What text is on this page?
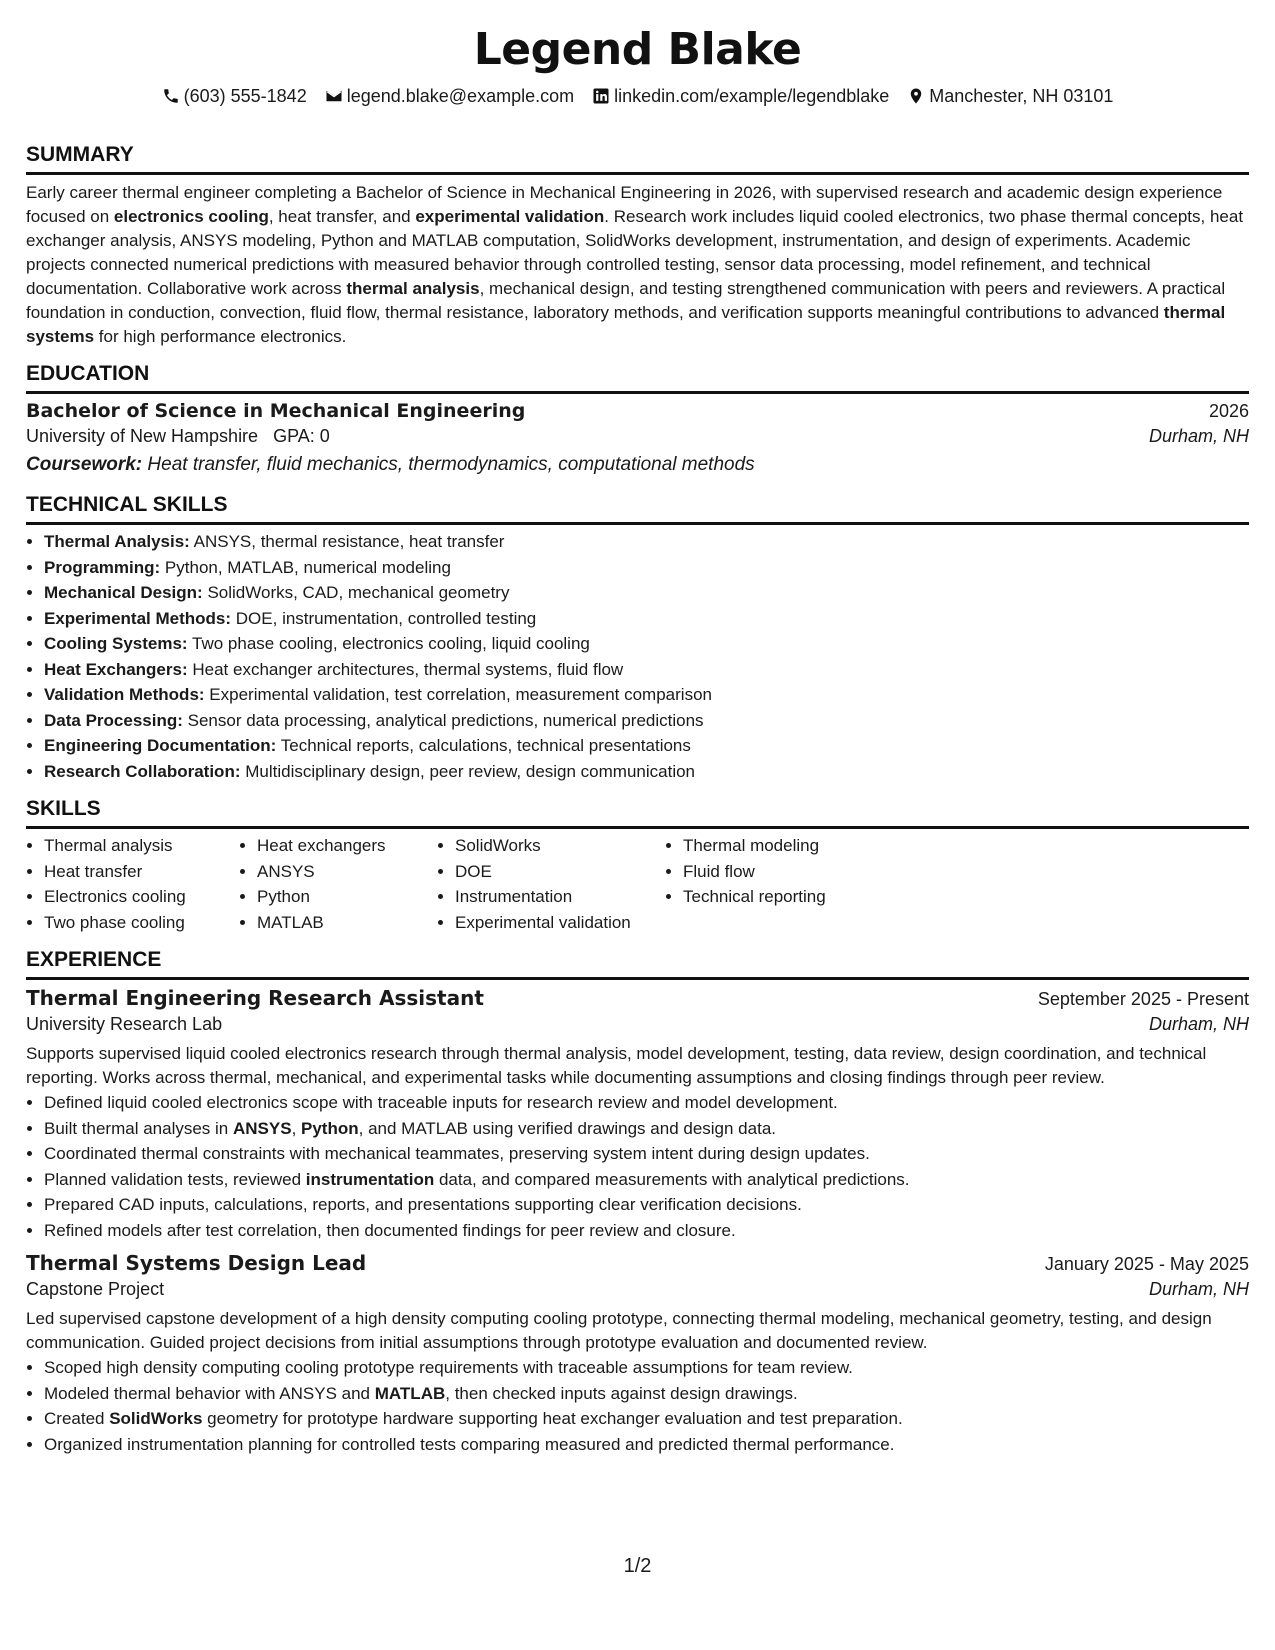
Legend Blake
(603) 555-1842 legend.blake@example.com linkedin.com/example/legendblake Manchester, NH 03101
SUMMARY

Early career thermal engineer completing a Bachelor of Science in Mechanical Engineering in 2026, with supervised research and academic design experience focused on electronics cooling, heat transfer, and experimental validation. Research work includes liquid cooled electronics, two phase thermal concepts, heat exchanger analysis, ANSYS modeling, Python and MATLAB computation, SolidWorks development, instrumentation, and design of experiments. Academic projects connected numerical predictions with measured behavior through controlled testing, sensor data processing, model refinement, and technical documentation. Collaborative work across thermal analysis, mechanical design, and testing strengthened communication with peers and reviewers. A practical foundation in conduction, convection, fluid flow, thermal resistance, laboratory methods, and verification supports meaningful contributions to advanced thermal systems for high performance electronics.

EDUCATION
Bachelor of Science in Mechanical Engineering	2026
University of New Hampshire GPA: 0	Durham, NH
Coursework: Heat transfer, fluid mechanics, thermodynamics, computational methods
TECHNICAL SKILLS
• Thermal Analysis: ANSYS, thermal resistance, heat transfer
• Programming: Python, MATLAB, numerical modeling
• Mechanical Design: SolidWorks, CAD, mechanical geometry
• Experimental Methods: DOE, instrumentation, controlled testing
• Cooling Systems: Two phase cooling, electronics cooling, liquid cooling
• Heat Exchangers: Heat exchanger architectures, thermal systems, fluid flow
• Validation Methods: Experimental validation, test correlation, measurement comparison
• Data Processing: Sensor data processing, analytical predictions, numerical predictions
• Engineering Documentation: Technical reports, calculations, technical presentations
• Research Collaboration: Multidisciplinary design, peer review, design communication
SKILLS
• Thermal analysis
• Heat transfer
• Electronics cooling
• Two phase cooling
• Heat exchangers
• ANSYS
• Python
• MATLAB
• SolidWorks
• DOE
• Instrumentation
• Experimental validation
• Thermal modeling
• Fluid flow
• Technical reporting
EXPERIENCE
Thermal Engineering Research Assistant	September 2025 - Present
University Research Lab	Durham, NH

Supports supervised liquid cooled electronics research through thermal analysis, model development, testing, data review, design coordination, and technical reporting. Works across thermal, mechanical, and experimental tasks while documenting assumptions and closing findings through peer review.

• Defined liquid cooled electronics scope with traceable inputs for research review and model development.
• Built thermal analyses in ANSYS, Python, and MATLAB using verified drawings and design data.
• Coordinated thermal constraints with mechanical teammates, preserving system intent during design updates.
• Planned validation tests, reviewed instrumentation data, and compared measurements with analytical predictions.
• Prepared CAD inputs, calculations, reports, and presentations supporting clear verification decisions.
• Refined models after test correlation, then documented findings for peer review and closure.
Thermal Systems Design Lead	January 2025 - May 2025
Capstone Project	Durham, NH

Led supervised capstone development of a high density computing cooling prototype, connecting thermal modeling, mechanical geometry, testing, and design communication. Guided project decisions from initial assumptions through prototype evaluation and documented review.

• Scoped high density computing cooling prototype requirements with traceable assumptions for team review.
• Modeled thermal behavior with ANSYS and MATLAB, then checked inputs against design drawings.
• Created SolidWorks geometry for prototype hardware supporting heat exchanger evaluation and test preparation.
• Organized instrumentation planning for controlled tests comparing measured and predicted thermal performance.
1/2
